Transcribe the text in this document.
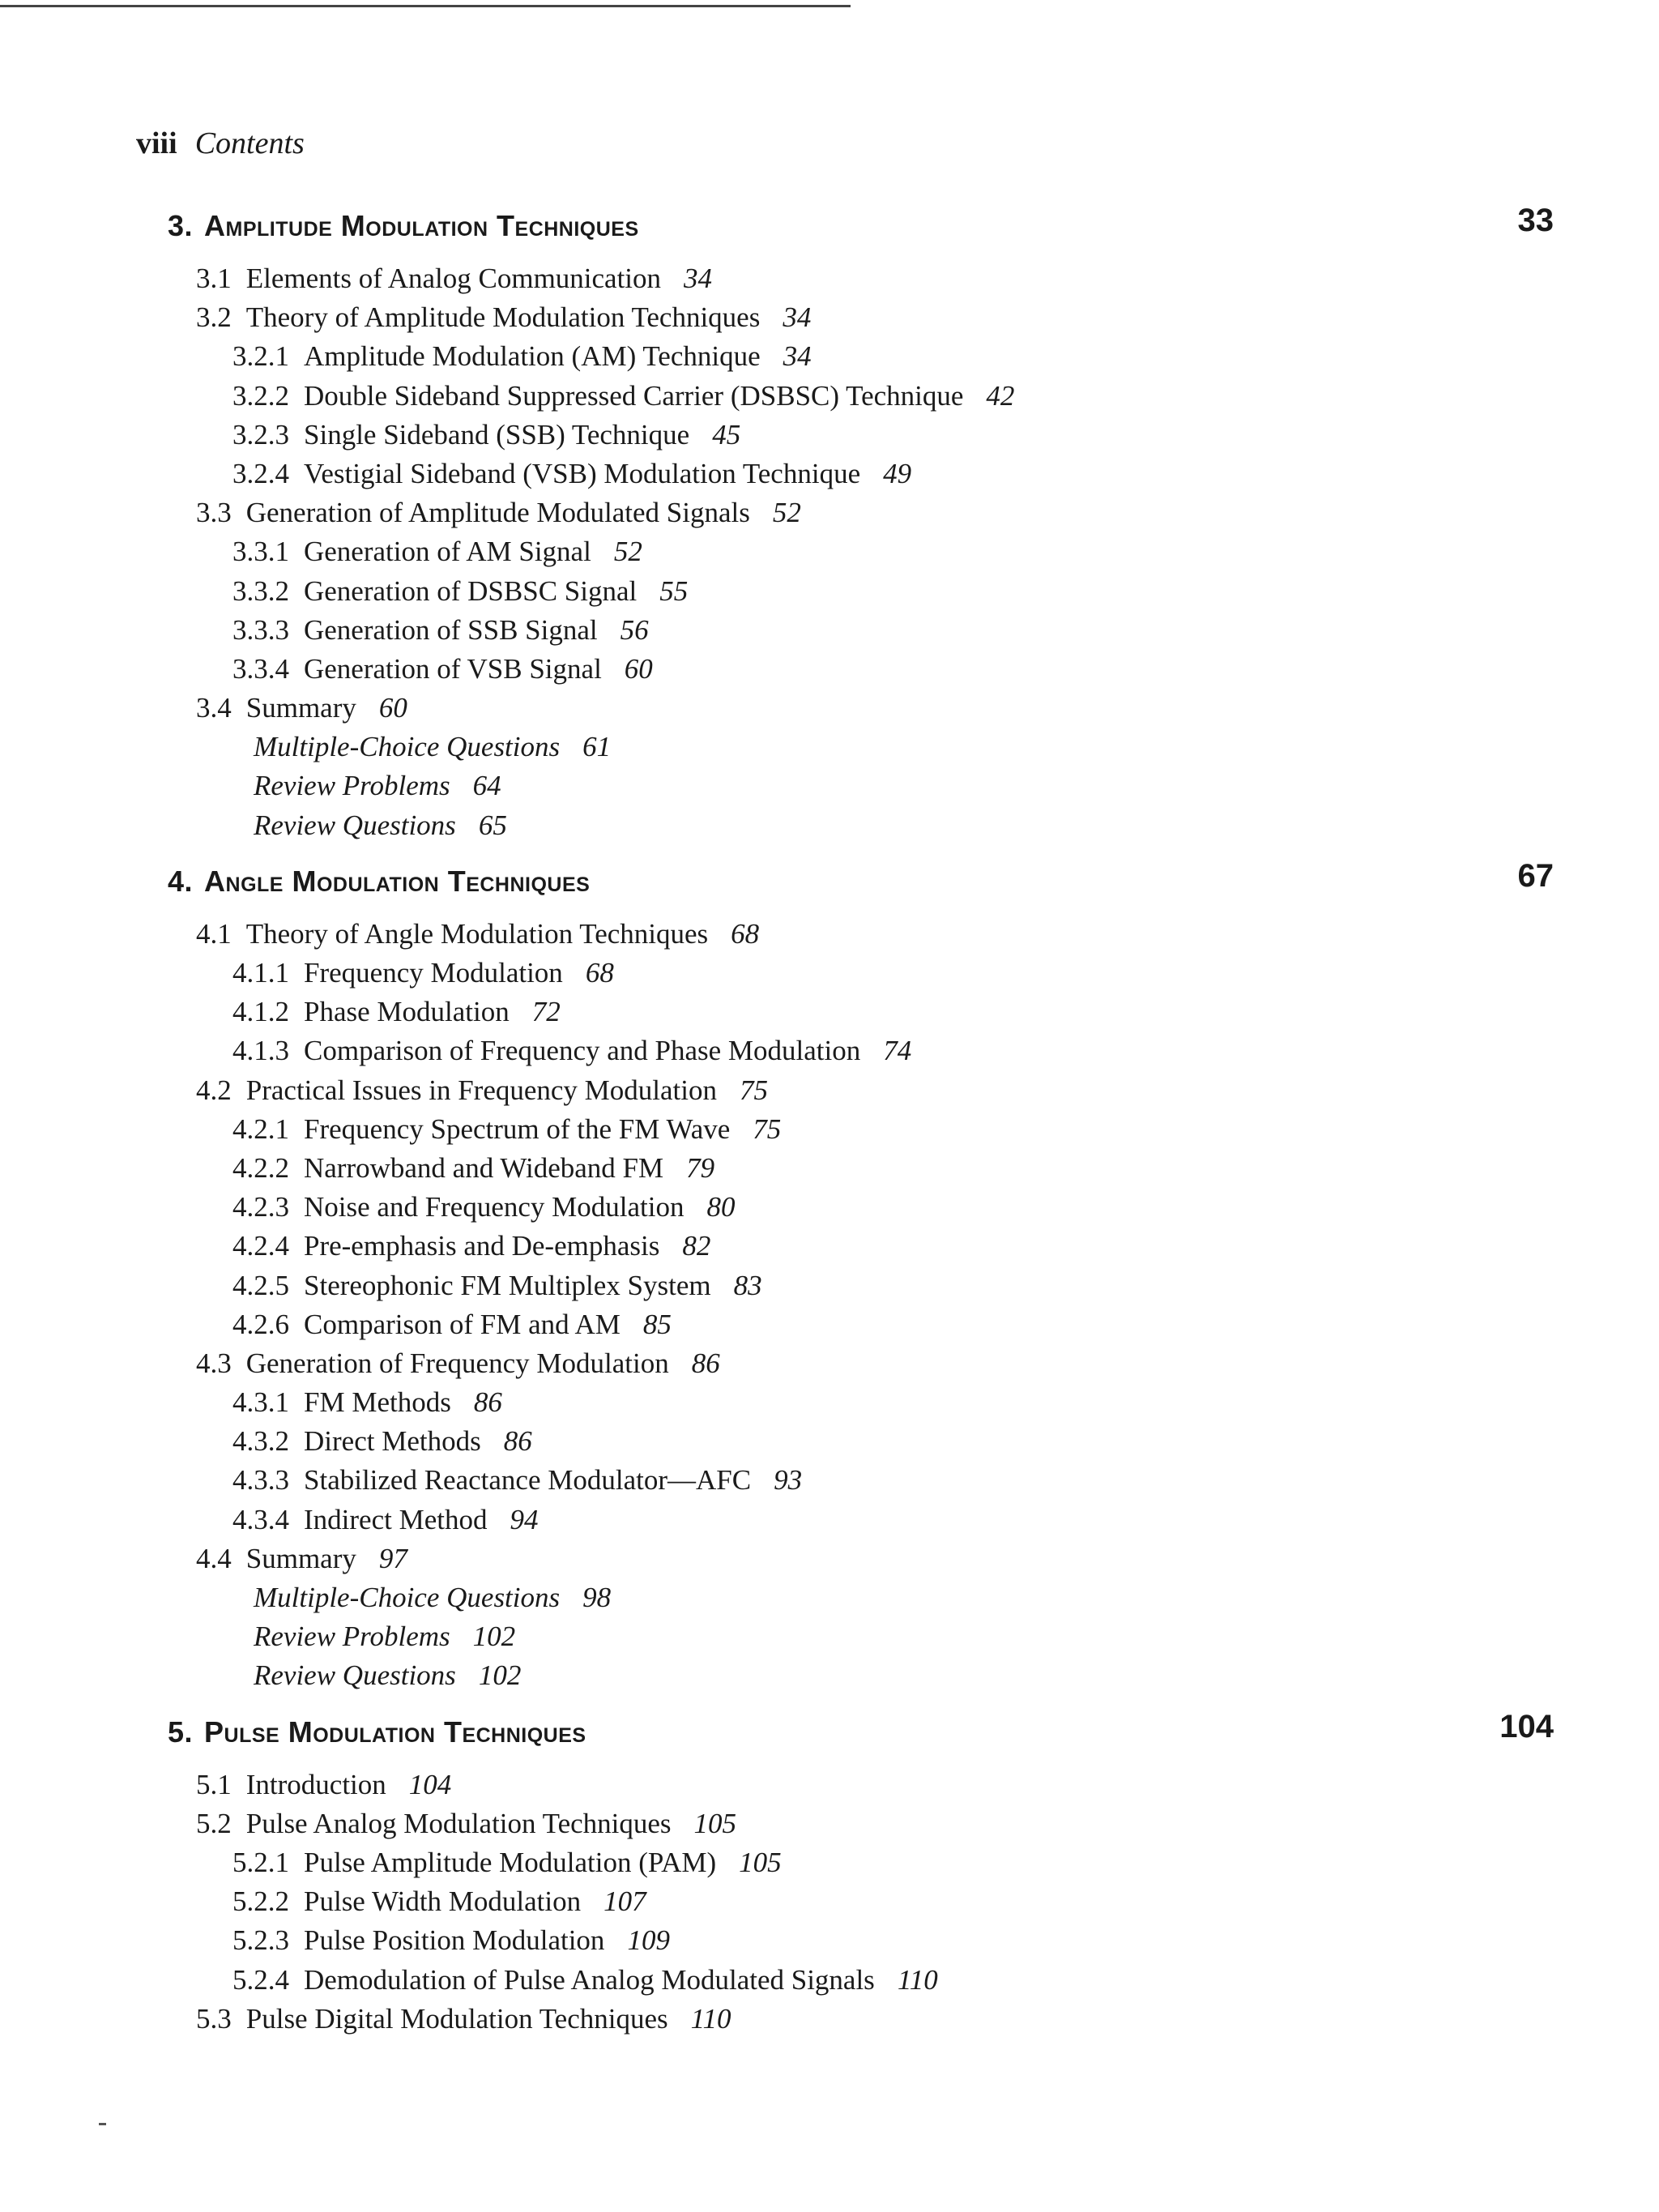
viii Contents
3. Amplitude Modulation Techniques	33
3.1 Elements of Analog Communication 34
3.2 Theory of Amplitude Modulation Techniques 34
3.2.1 Amplitude Modulation (AM) Technique 34
3.2.2 Double Sideband Suppressed Carrier (DSBSC) Technique 42
3.2.3 Single Sideband (SSB) Technique 45
3.2.4 Vestigial Sideband (VSB) Modulation Technique 49
3.3 Generation of Amplitude Modulated Signals 52
3.3.1 Generation of AM Signal 52
3.3.2 Generation of DSBSC Signal 55
3.3.3 Generation of SSB Signal 56
3.3.4 Generation of VSB Signal 60
3.4 Summary 60
Multiple-Choice Questions 61
Review Problems 64
Review Questions 65
4. Angle Modulation Techniques	67
4.1 Theory of Angle Modulation Techniques 68
4.1.1 Frequency Modulation 68
4.1.2 Phase Modulation 72
4.1.3 Comparison of Frequency and Phase Modulation 74
4.2 Practical Issues in Frequency Modulation 75
4.2.1 Frequency Spectrum of the FM Wave 75
4.2.2 Narrowband and Wideband FM 79
4.2.3 Noise and Frequency Modulation 80
4.2.4 Pre-emphasis and De-emphasis 82
4.2.5 Stereophonic FM Multiplex System 83
4.2.6 Comparison of FM and AM 85
4.3 Generation of Frequency Modulation 86
4.3.1 FM Methods 86
4.3.2 Direct Methods 86
4.3.3 Stabilized Reactance Modulator—AFC 93
4.3.4 Indirect Method 94
4.4 Summary 97
Multiple-Choice Questions 98
Review Problems 102
Review Questions 102
5. Pulse Modulation Techniques	104
5.1 Introduction 104
5.2 Pulse Analog Modulation Techniques 105
5.2.1 Pulse Amplitude Modulation (PAM) 105
5.2.2 Pulse Width Modulation 107
5.2.3 Pulse Position Modulation 109
5.2.4 Demodulation of Pulse Analog Modulated Signals 110
5.3 Pulse Digital Modulation Techniques 110
